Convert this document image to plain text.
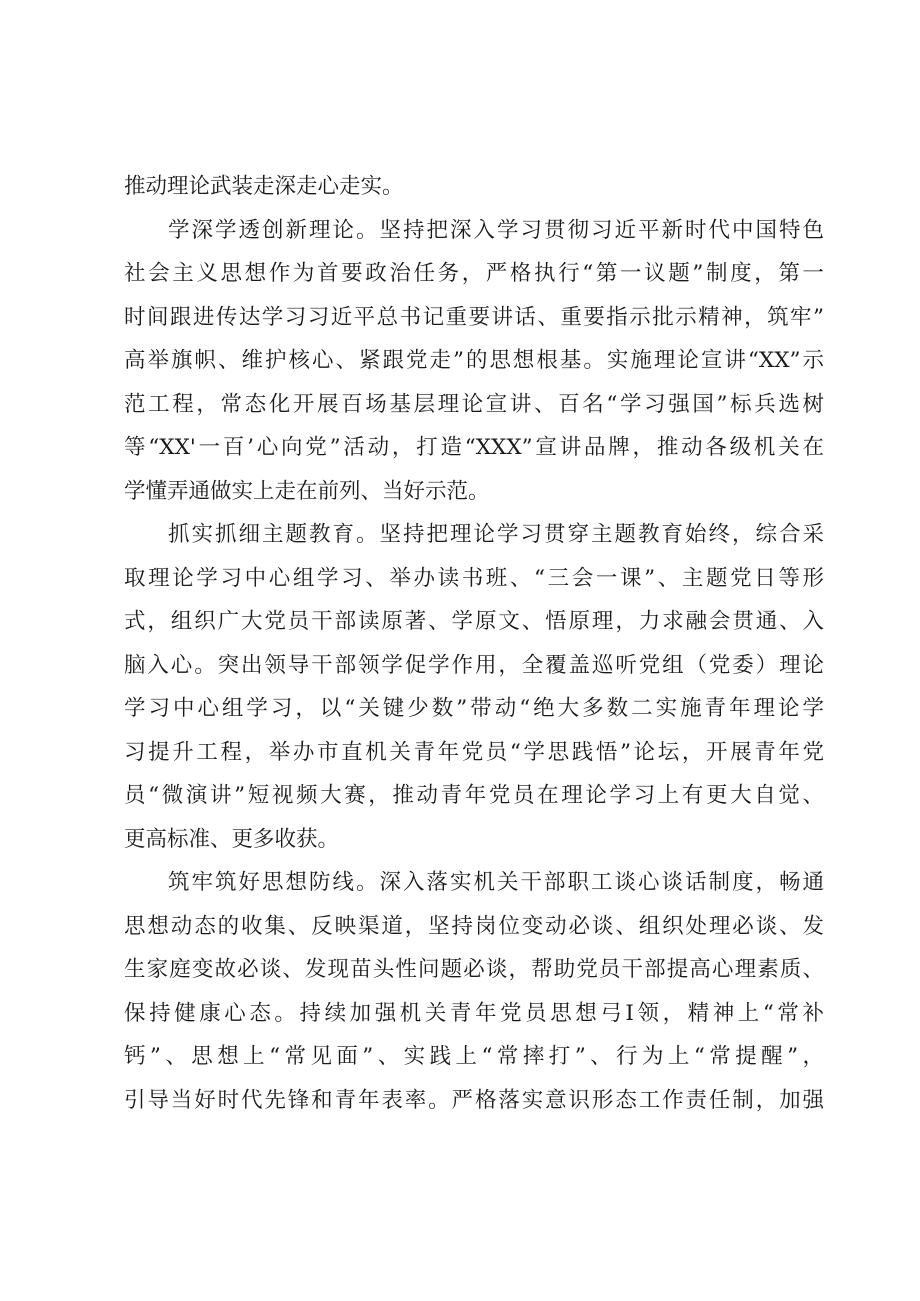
推动理论武装走深走心走实。
学深学透创新理论。坚持把深入学习贯彻习近平新时代中国特色
社会主义思想作为首要政治任务，严格执行“第一议题”制度，第一
时间跟进传达学习习近平总书记重要讲话、重要指示批示精神，筑牢”
高举旗帜、维护核心、紧跟党走”的思想根基。实施理论宣讲“XX”示
范工程，常态化开展百场基层理论宣讲、百名“学习强国”标兵选树
等“XX'一百’心向党”活动，打造“XXX”宣讲品牌，推动各级机关在
学懂弄通做实上走在前列、当好示范。
抓实抓细主题教育。坚持把理论学习贯穿主题教育始终，综合采
取理论学习中心组学习、举办读书班、“三会一课”、主题党日等形
式，组织广大党员干部读原著、学原文、悟原理，力求融会贯通、入
脑入心。突出领导干部领学促学作用，全覆盖巡听党组（党委）理论
学习中心组学习，以“关键少数”带动“绝大多数二实施青年理论学
习提升工程，举办市直机关青年党员“学思践悟”论坛，开展青年党
员“微演讲”短视频大赛，推动青年党员在理论学习上有更大自觉、
更高标准、更多收获。
筑牢筑好思想防线。深入落实机关干部职工谈心谈话制度，畅通
思想动态的收集、反映渠道，坚持岗位变动必谈、组织处理必谈、发
生家庭变故必谈、发现苗头性问题必谈，帮助党员干部提高心理素质、
保持健康心态。持续加强机关青年党员思想弓I领，精神上“常补
钙”、思想上“常见面”、实践上“常摔打”、行为上“常提醒”，
引导当好时代先锋和青年表率。严格落实意识形态工作责任制，加强
